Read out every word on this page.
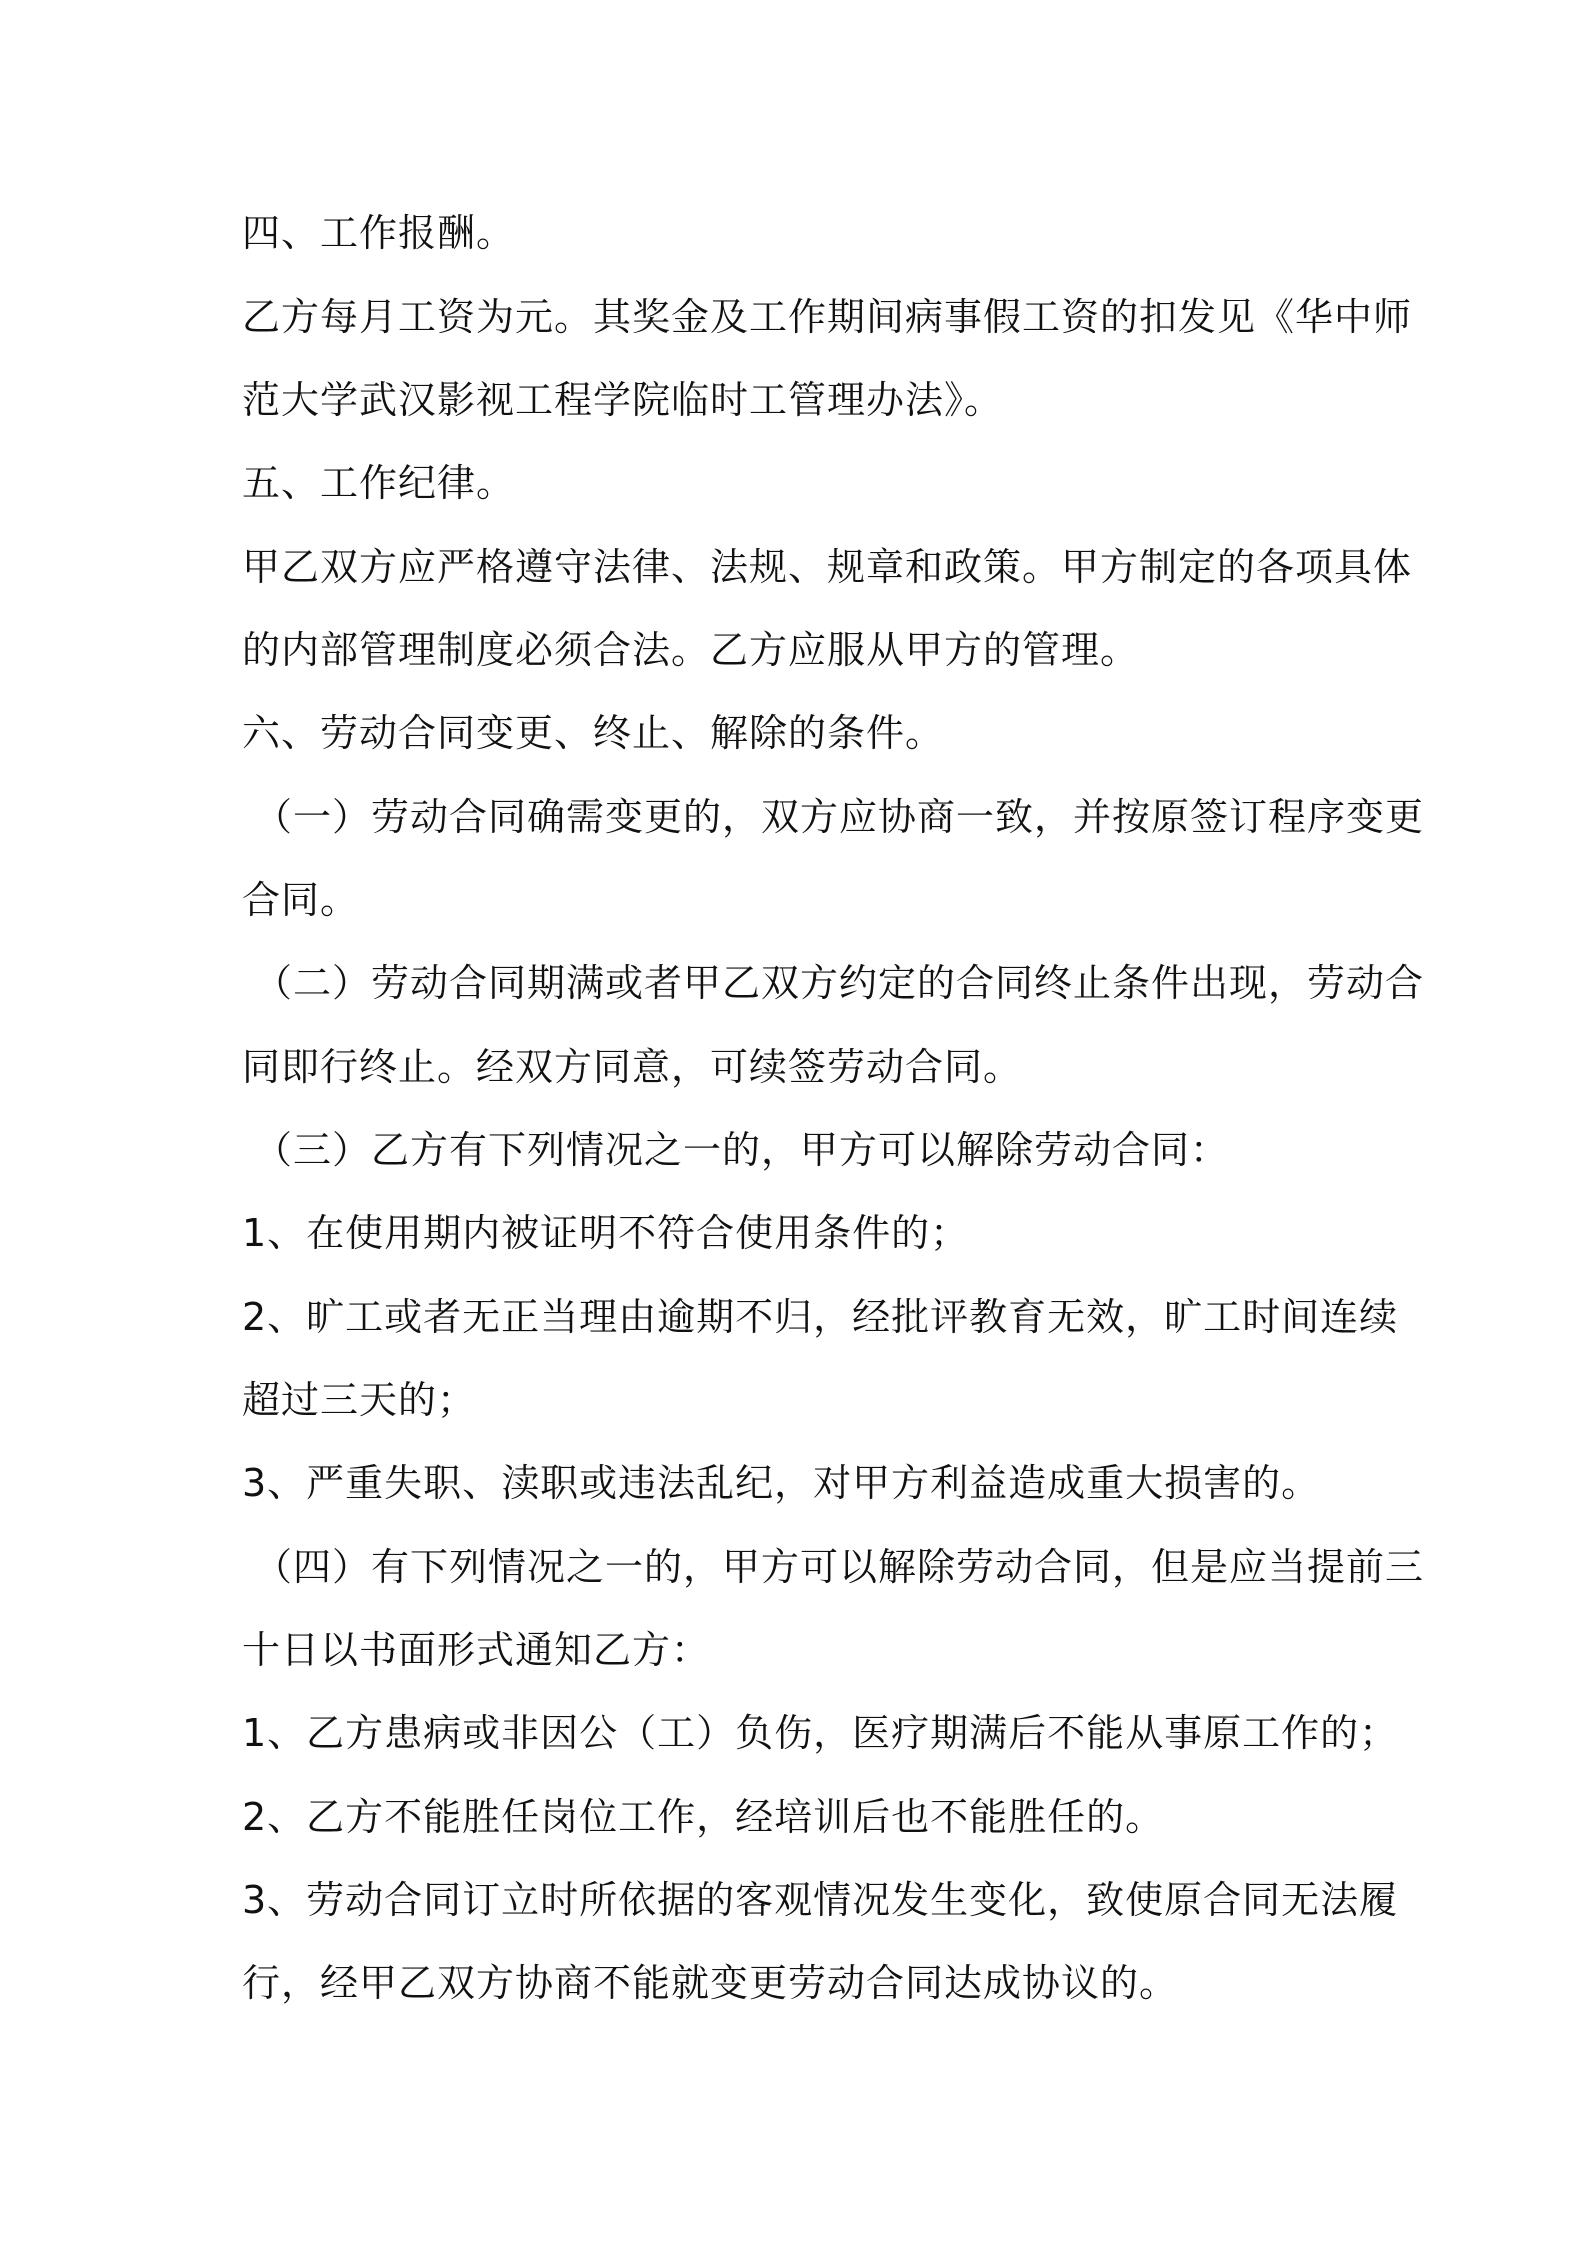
四、工作报酬。
乙方每月工资为元。其奖金及工作期间病事假工资的扣发见《华中师
范大学武汉影视工程学院临时工管理办法》。
五、工作纪律。
甲乙双方应严格遵守法律、法规、规章和政策。甲方制定的各项具体
的内部管理制度必须合法。乙方应服从甲方的管理。
六、劳动合同变更、终止、解除的条件。
（一）劳动合同确需变更的，双方应协商一致，并按原签订程序变更
合同。
（二）劳动合同期满或者甲乙双方约定的合同终止条件出现，劳动合
同即行终止。经双方同意，可续签劳动合同。
（三）乙方有下列情况之一的，甲方可以解除劳动合同：
1、在使用期内被证明不符合使用条件的；
2、旷工或者无正当理由逾期不归，经批评教育无效，旷工时间连续
超过三天的；
3、严重失职、渎职或违法乱纪，对甲方利益造成重大损害的。
（四）有下列情况之一的，甲方可以解除劳动合同，但是应当提前三
十日以书面形式通知乙方：
1、乙方患病或非因公（工）负伤，医疗期满后不能从事原工作的；
2、乙方不能胜任岗位工作，经培训后也不能胜任的。
3、劳动合同订立时所依据的客观情况发生变化，致使原合同无法履
行，经甲乙双方协商不能就变更劳动合同达成协议的。
